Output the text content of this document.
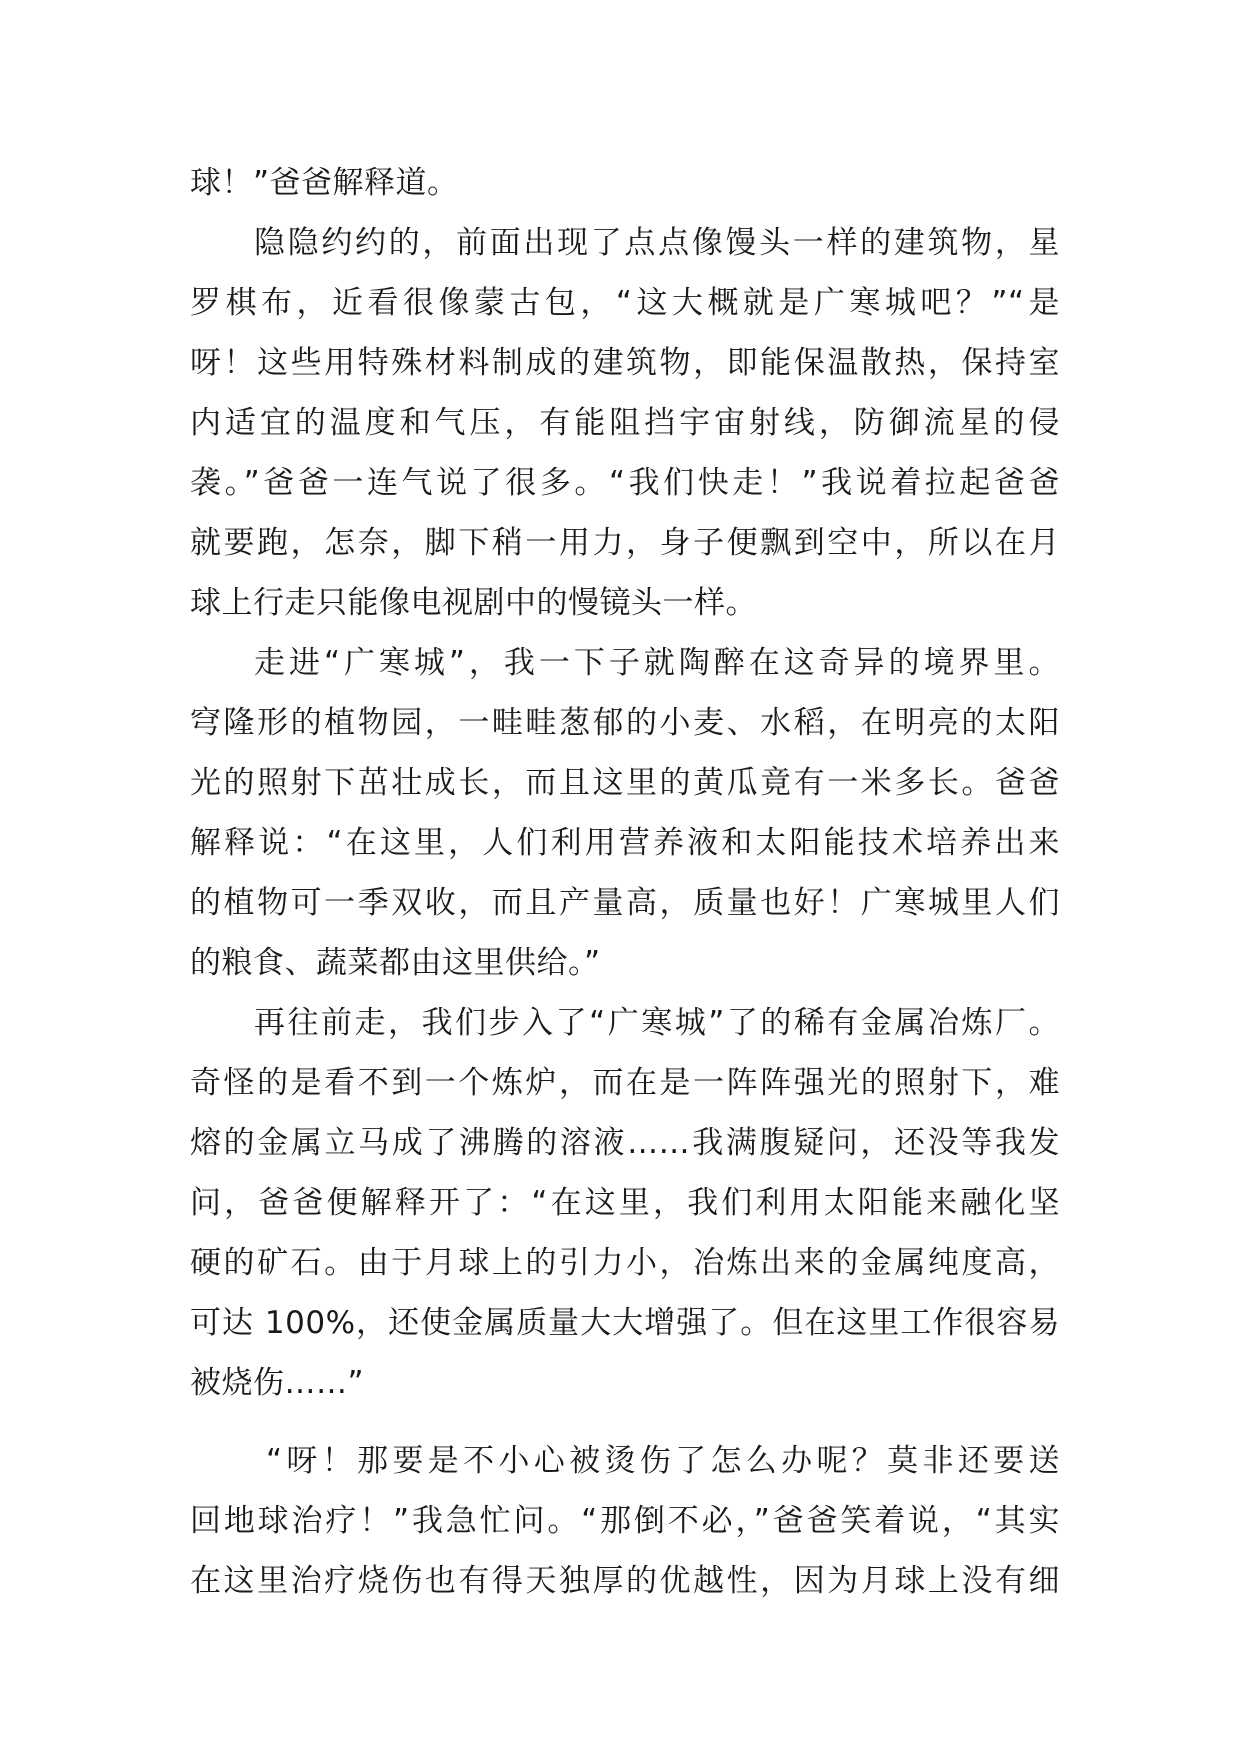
球！”爸爸解释道。
隐隐约约的，前面出现了点点像馒头一样的建筑物，星
罗棋布，近看很像蒙古包，“这大概就是广寒城吧？”“是
呀！这些用特殊材料制成的建筑物，即能保温散热，保持室
内适宜的温度和气压，有能阻挡宇宙射线，防御流星的侵
袭。”爸爸一连气说了很多。“我们快走！”我说着拉起爸爸
就要跑，怎奈，脚下稍一用力，身子便飘到空中，所以在月
球上行走只能像电视剧中的慢镜头一样。
走进“广寒城”，我一下子就陶醉在这奇异的境界里。
穹隆形的植物园，一畦畦葱郁的小麦、水稻，在明亮的太阳
光的照射下茁壮成长，而且这里的黄瓜竟有一米多长。爸爸
解释说：“在这里，人们利用营养液和太阳能技术培养出来
的植物可一季双收，而且产量高，质量也好！广寒城里人们
的粮食、蔬菜都由这里供给。”
再往前走，我们步入了“广寒城”了的稀有金属冶炼厂。
奇怪的是看不到一个炼炉，而在是一阵阵强光的照射下，难
熔的金属立马成了沸腾的溶液……我满腹疑问，还没等我发
问，爸爸便解释开了：“在这里，我们利用太阳能来融化坚
硬的矿石。由于月球上的引力小，冶炼出来的金属纯度高，
可达 100%，还使金属质量大大增强了。但在这里工作很容易
被烧伤……”
“呀！那要是不小心被烫伤了怎么办呢？莫非还要送
回地球治疗！”我急忙问。“那倒不必，”爸爸笑着说，“其实
在这里治疗烧伤也有得天独厚的优越性，因为月球上没有细
